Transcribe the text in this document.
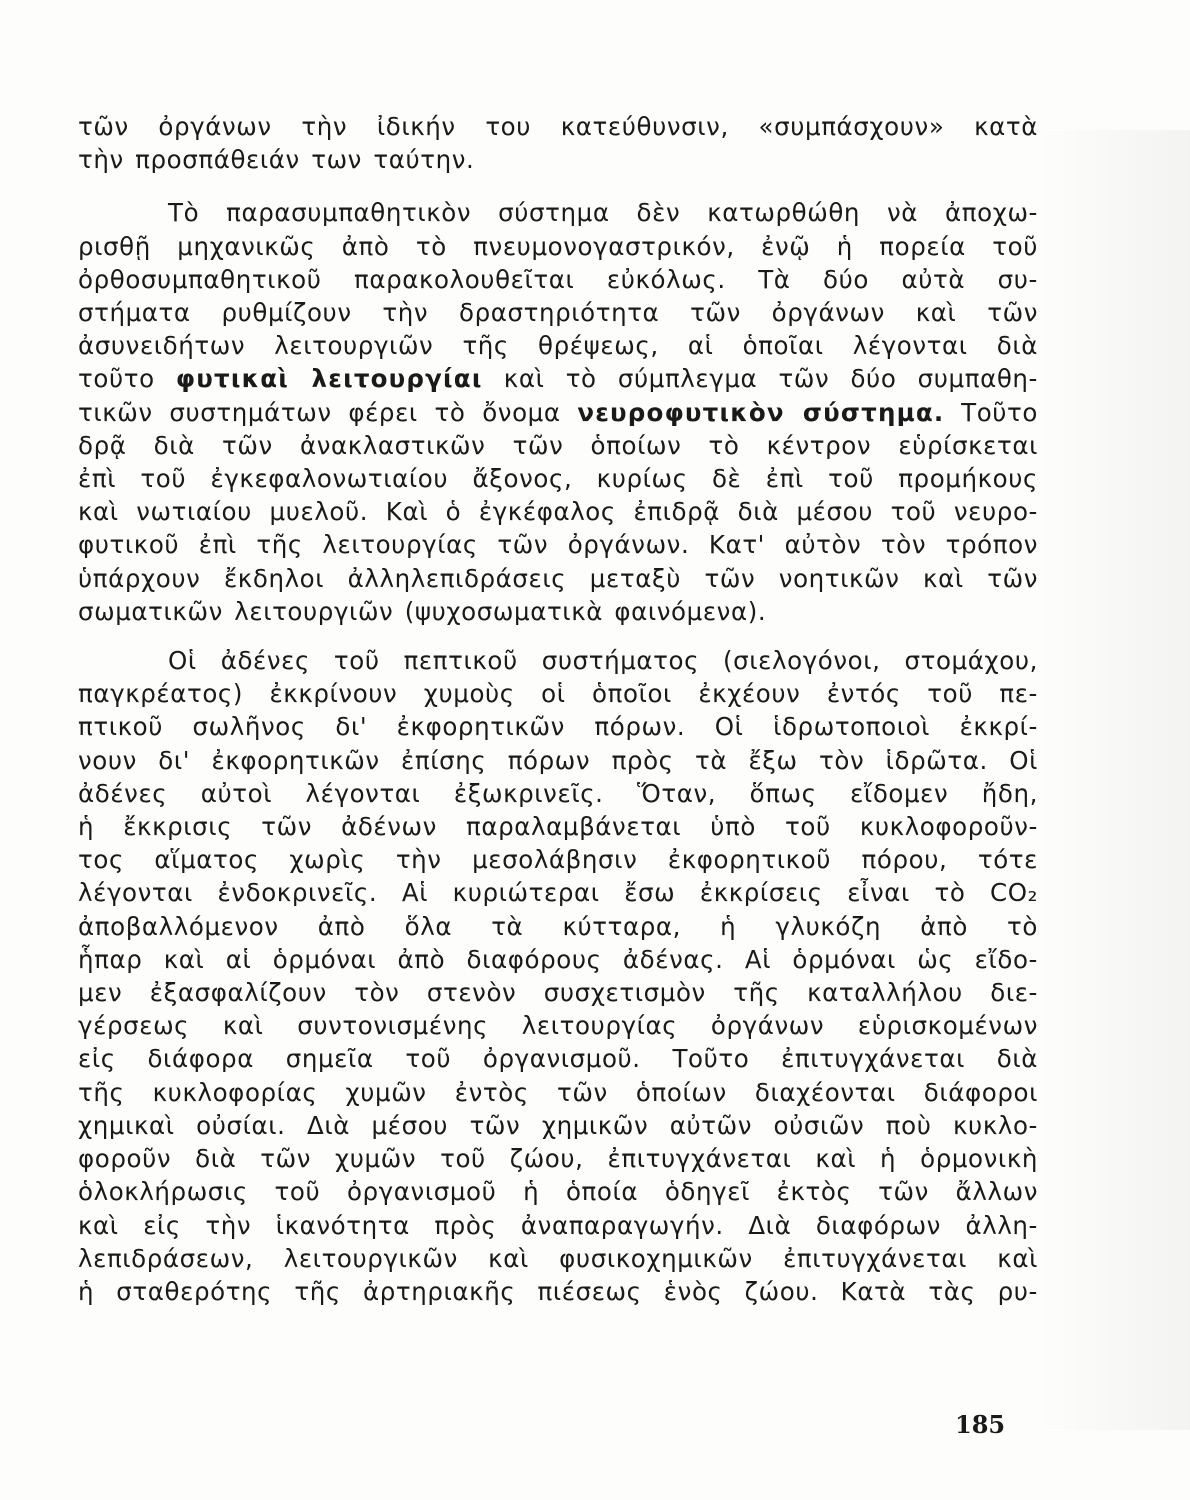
τῶν ὀργάνων τὴν ἰδικήν του κατεύθυνσιν, «συμπάσχουν» κατὰ
τὴν προσπάθειάν των ταύτην.
Τὸ παρασυμπαθητικὸν σύστημα δὲν κατωρθώθη νὰ ἀποχω-
ρισθῇ μηχανικῶς ἀπὸ τὸ πνευμονογαστρικόν, ἐνῷ ἡ πορεία τοῦ
ὀρθοσυμπαθητικοῦ παρακολουθεῖται εὐκόλως. Τὰ δύο αὐτὰ συ-
στήματα ρυθμίζουν τὴν δραστηριότητα τῶν ὀργάνων καὶ τῶν
ἀσυνειδήτων λειτουργιῶν τῆς θρέψεως, αἱ ὁποῖαι λέγονται διὰ
τοῦτο φυτικαὶ λειτουργίαι καὶ τὸ σύμπλεγμα τῶν δύο συμπαθη-
τικῶν συστημάτων φέρει τὸ ὄνομα νευροφυτικὸν σύστημα. Τοῦτο
δρᾷ διὰ τῶν ἀνακλαστικῶν τῶν ὁποίων τὸ κέντρον εὑρίσκεται
ἐπὶ τοῦ ἐγκεφαλονωτιαίου ἄξονος, κυρίως δὲ ἐπὶ τοῦ προμήκους
καὶ νωτιαίου μυελοῦ. Καὶ ὁ ἐγκέφαλος ἐπιδρᾷ διὰ μέσου τοῦ νευρο-
φυτικοῦ ἐπὶ τῆς λειτουργίας τῶν ὀργάνων. Κατ' αὐτὸν τὸν τρόπον
ὑπάρχουν ἔκδηλοι ἀλληλεπιδράσεις μεταξὺ τῶν νοητικῶν καὶ τῶν
σωματικῶν λειτουργιῶν (ψυχοσωματικὰ φαινόμενα).
Οἱ ἀδένες τοῦ πεπτικοῦ συστήματος (σιελογόνοι, στομάχου,
παγκρέατος) ἐκκρίνουν χυμοὺς οἱ ὁποῖοι ἐκχέουν ἐντός τοῦ πε-
πτικοῦ σωλῆνος δι' ἐκφορητικῶν πόρων. Οἱ ἱδρωτοποιοὶ ἐκκρί-
νουν δι' ἐκφορητικῶν ἐπίσης πόρων πρὸς τὰ ἔξω τὸν ἱδρῶτα. Οἱ
ἀδένες αὐτοὶ λέγονται ἐξωκρινεῖς. Ὅταν, ὅπως εἴδομεν ἤδη,
ἡ ἔκκρισις τῶν ἀδένων παραλαμβάνεται ὑπὸ τοῦ κυκλοφοροῦν-
τος αἵματος χωρὶς τὴν μεσολάβησιν ἐκφορητικοῦ πόρου, τότε
λέγονται ἐνδοκρινεῖς. Αἱ κυριώτεραι ἔσω ἐκκρίσεις εἶναι τὸ CO₂
ἀποβαλλόμενον ἀπὸ ὅλα τὰ κύτταρα, ἡ γλυκόζη ἀπὸ τὸ
ἧπαρ καὶ αἱ ὁρμόναι ἀπὸ διαφόρους ἀδένας. Αἱ ὁρμόναι ὡς εἴδο-
μεν ἐξασφαλίζουν τὸν στενὸν συσχετισμὸν τῆς καταλλήλου διε-
γέρσεως καὶ συντονισμένης λειτουργίας ὀργάνων εὑρισκομένων
εἰς διάφορα σημεῖα τοῦ ὀργανισμοῦ. Τοῦτο ἐπιτυγχάνεται διὰ
τῆς κυκλοφορίας χυμῶν ἐντὸς τῶν ὁποίων διαχέονται διάφοροι
χημικαὶ οὐσίαι. Διὰ μέσου τῶν χημικῶν αὐτῶν οὐσιῶν ποὺ κυκλο-
φοροῦν διὰ τῶν χυμῶν τοῦ ζώου, ἐπιτυγχάνεται καὶ ἡ ὁρμονικὴ
ὁλοκλήρωσις τοῦ ὀργανισμοῦ ἡ ὁποία ὁδηγεῖ ἐκτὸς τῶν ἄλλων
καὶ εἰς τὴν ἱκανότητα πρὸς ἀναπαραγωγήν. Διὰ διαφόρων ἀλλη-
λεπιδράσεων, λειτουργικῶν καὶ φυσικοχημικῶν ἐπιτυγχάνεται καὶ
ἡ σταθερότης τῆς ἀρτηριακῆς πιέσεως ἑνὸς ζώου. Κατὰ τὰς ρυ-
185
